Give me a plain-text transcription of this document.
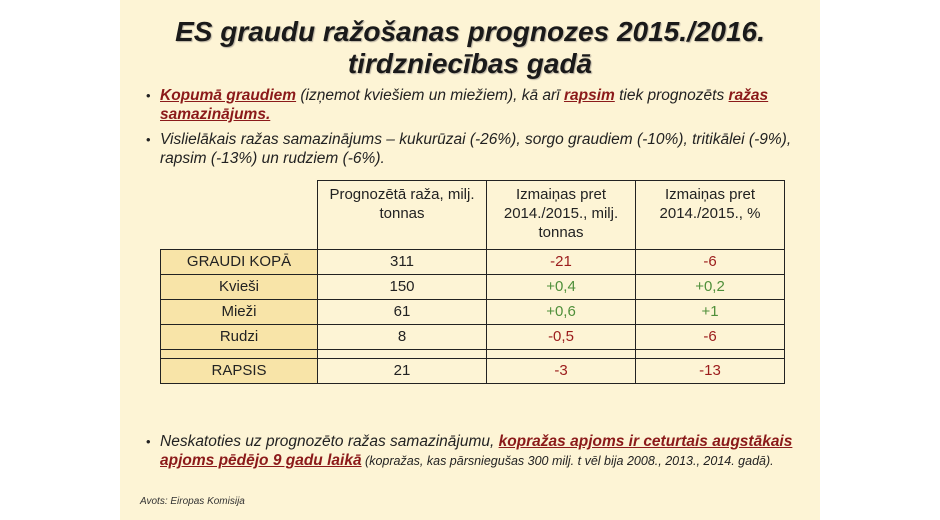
ES graudu ražošanas prognozes 2015./2016.
tirdzniecības gadā
• Kopumā graudiem (izņemot kviešiem un miežiem), kā arī rapsim tiek prognozēts ražas samazinājums.
• Vislielākais ražas samazinājums – kukurūzai (-26%), sorgo graudiem (-10%), tritikālei (-9%), rapsim (-13%) un rudziem (-6%).
	Prognozētā raža, milj. tonnas	Izmaiņas pret 2014./2015., milj. tonnas	Izmaiņas pret 2014./2015., %
GRAUDI KOPĀ	311	-21	-6
Kvieši	150	+0,4	+0,2
Mieži	61	+0,6	+1
Rudzi	8	-0,5	-6

RAPSIS	21	-3	-13
• Neskatoties uz prognozēto ražas samazinājumu, kopražas apjoms ir ceturtais augstākais apjoms pēdējo 9 gadu laikā (kopražas, kas pārsniegušas 300 milj. t vēl bija 2008., 2013., 2014. gadā).
Avots: Eiropas Komisija
